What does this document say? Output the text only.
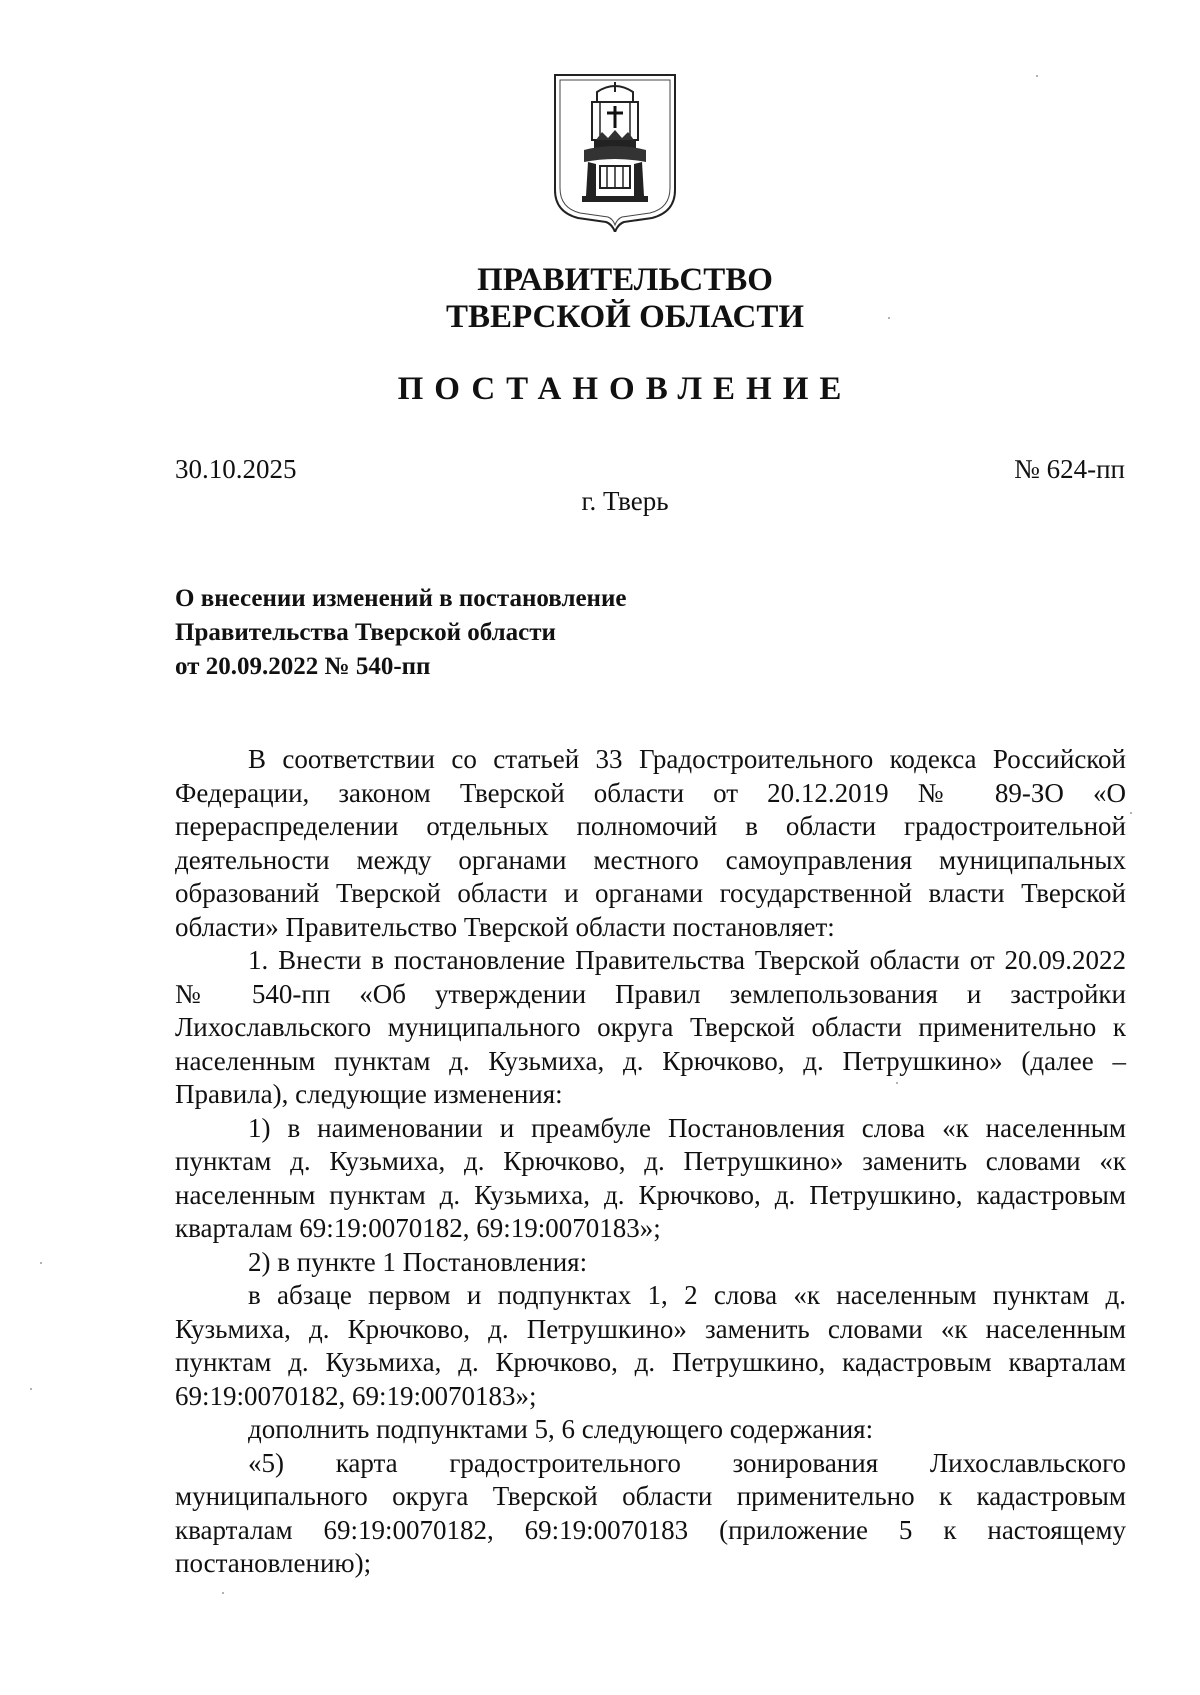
ПРАВИТЕЛЬСТВО
ТВЕРСКОЙ ОБЛАСТИ
ПОСТАНОВЛЕНИЕ
30.10.2025	№ 624-пп
г. Тверь
О внесении изменений в постановление
Правительства Тверской области
от 20.09.2022 № 540-пп

В соответствии со статьей 33 Градостроительного кодекса Российской Федерации, законом Тверской области от 20.12.2019 № 89-ЗО «О перераспределении отдельных полномочий в области градостроительной деятельности между органами местного самоуправления муниципальных образований Тверской области и органами государственной власти Тверской области» Правительство Тверской области постановляет:

1. Внести в постановление Правительства Тверской области от 20.09.2022 № 540-пп «Об утверждении Правил землепользования и застройки Лихославльского муниципального округа Тверской области применительно к населенным пунктам д. Кузьмиха, д. Крючково, д. Петрушкино» (далее – Правила), следующие изменения:

1) в наименовании и преамбуле Постановления слова «к населенным пунктам д. Кузьмиха, д. Крючково, д. Петрушкино» заменить словами «к населенным пунктам д. Кузьмиха, д. Крючково, д. Петрушкино, кадастровым кварталам 69:19:0070182, 69:19:0070183»;

2) в пункте 1 Постановления:

в абзаце первом и подпунктах 1, 2 слова «к населенным пунктам д. Кузьмиха, д. Крючково, д. Петрушкино» заменить словами «к населенным пунктам д. Кузьмиха, д. Крючково, д. Петрушкино, кадастровым кварталам 69:19:0070182, 69:19:0070183»;

дополнить подпунктами 5, 6 следующего содержания:

«5) карта градостроительного зонирования Лихославльского муниципального округа Тверской области применительно к кадастровым кварталам 69:19:0070182, 69:19:0070183 (приложение 5 к настоящему постановлению);
